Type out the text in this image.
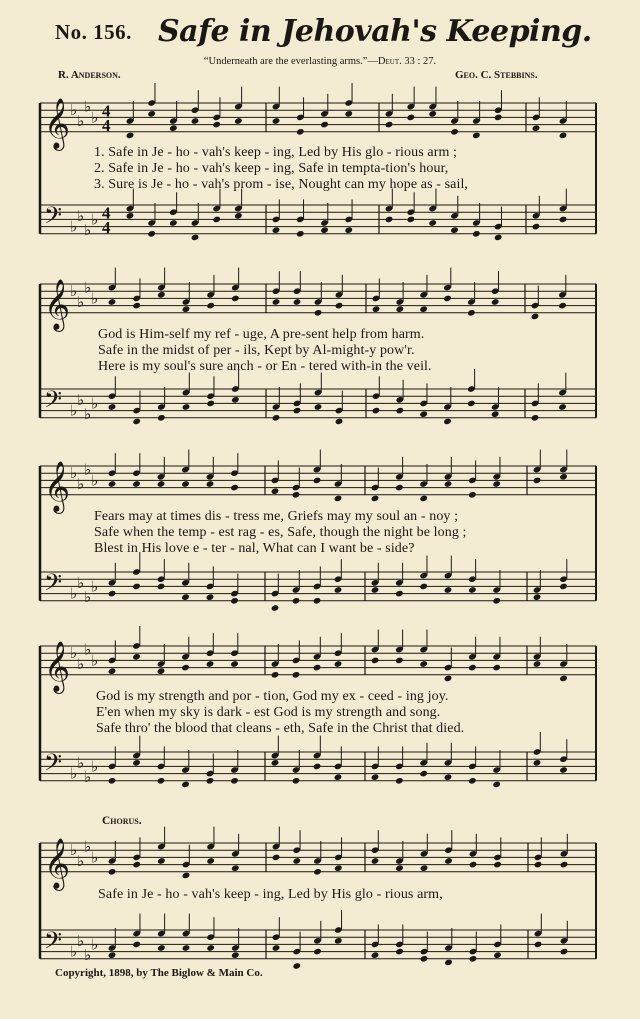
No. 156. Safe in Jehovah's Keeping.
“Underneath are the everlasting arms.”—Deut. 33 : 27.
R. Anderson.	Geo. C. Stebbins.
𝄞
𝄢
♭
♭
♭
♭
♭
♭
♭
♭
4
4
4
4
𝄞
𝄢
♭
♭
♭
♭
♭
♭
♭
♭
𝄞
𝄢
♭
♭
♭
♭
♭
♭
♭
♭
𝄞
𝄢
♭
♭
♭
♭
♭
♭
♭
♭
𝄞
𝄢
♭
♭
♭
♭
♭
♭
♭
♭
1. Safe in Je - ho - vah's keep - ing, Led by His glo - rious arm ;
2. Safe in Je - ho - vah's keep - ing, Safe in tempta-tion's hour,
3. Sure is Je - ho - vah's prom - ise, Nought can my hope as - sail,
God is Him-self my ref - uge, A pre-sent help from harm.
Safe in the midst of per - ils, Kept by Al-might-y pow'r.
Here is my soul's sure anch - or En - tered with-in the veil.
Fears may at times dis - tress me, Griefs may my soul an - noy ;
Safe when the temp - est rag - es, Safe, though the night be long ;
Blest in His love e - ter - nal, What can I want be - side?
God is my strength and por - tion, God my ex - ceed - ing joy.
E'en when my sky is dark - est God is my strength and song.
Safe thro' the blood that cleans - eth, Safe in the Christ that died.
Chorus.
Safe in Je - ho - vah's keep - ing, Led by His glo - rious arm,
Copyright, 1898, by The Biglow & Main Co.
